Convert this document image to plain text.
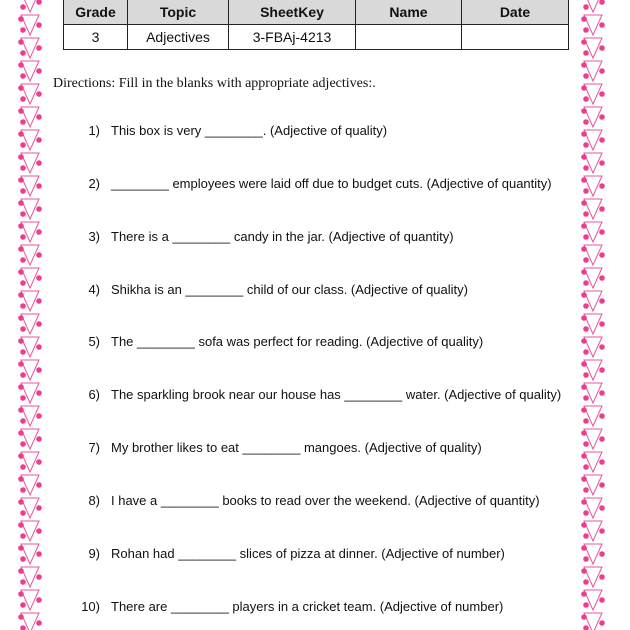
Grade	Topic	SheetKey	Name	Date
3	Adjectives	3-FBAj-4213		

Directions: Fill in the blanks with appropriate adjectives:.

1) This box is very ________. (Adjective of quality)
2) ________ employees were laid off due to budget cuts. (Adjective of quantity)
3) There is a ________ candy in the jar. (Adjective of quantity)
4) Shikha is an ________ child of our class. (Adjective of quality)
5) The ________ sofa was perfect for reading. (Adjective of quality)
6) The sparkling brook near our house has ________ water. (Adjective of quality)
7) My brother likes to eat ________ mangoes. (Adjective of quality)
8) I have a ________ books to read over the weekend. (Adjective of quantity)
9) Rohan had ________ slices of pizza at dinner. (Adjective of number)
10) There are ________ players in a cricket team. (Adjective of number)
